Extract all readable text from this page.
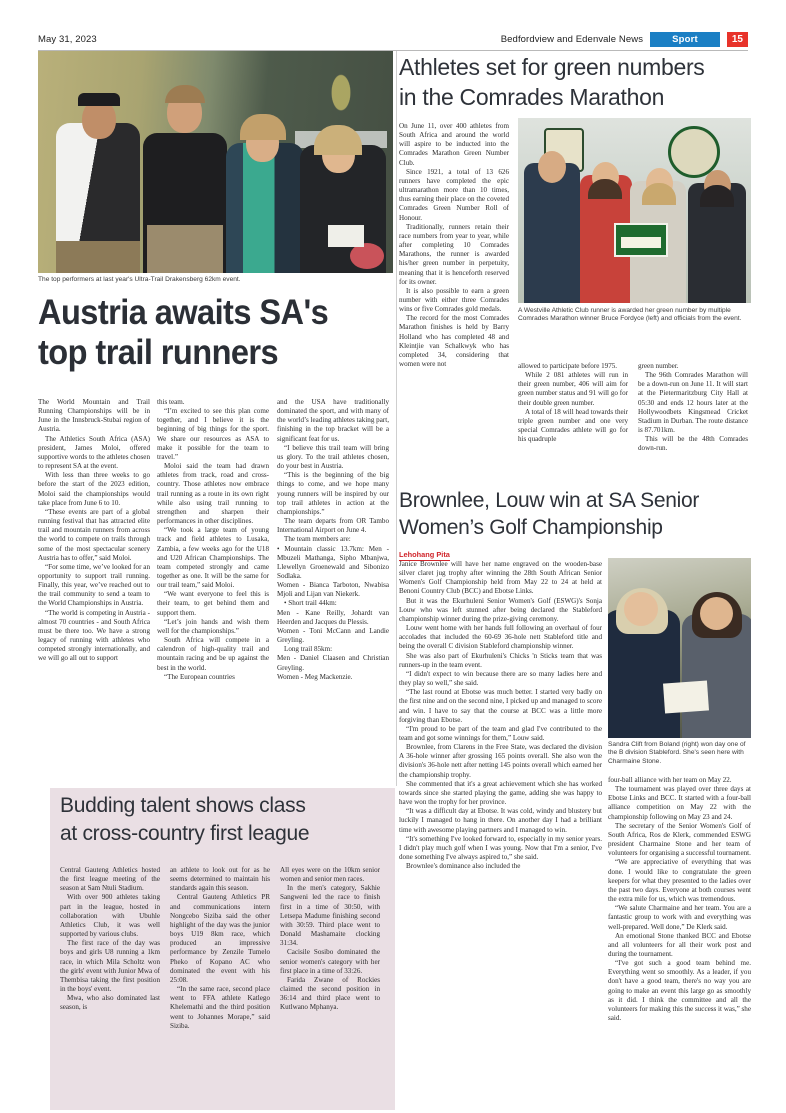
May 31, 2023	Bedfordview and Edenvale News	Sport	15
The top performers at last year's Ultra-Trail Drakensberg 62km event.
Austria awaits SA's
top trail runners

The World Mountain and Trail Running Championships will be in June in the Innsbruck-Stubai region of Austria.

The Athletics South Africa (ASA) president, James Moloi, offered supportive words to the athletes chosen to represent SA at the event.

With less than three weeks to go before the start of the 2023 edition, Moloi said the championships would take place from June 6 to 10.

“These events are part of a global running festival that has attracted elite trail and mountain runners from across the world to compete on trails through some of the most spectacular scenery Austria has to offer,” said Moloi.

“For some time, we’ve looked for an opportunity to support trail running. Finally, this year, we’ve reached out to the trail community to send a team to the World Championships in Austria.

“The world is competing in Austria - almost 70 countries - and South Africa must be there too. We have a strong legacy of running with athletes who competed strongly internationally, and we will go all out to support

this team.

“I’m excited to see this plan come together, and I believe it is the beginning of big things for the sport. We share our resources as ASA to make it possible for the team to travel.”

Moloi said the team had drawn athletes from track, road and cross-country. Those athletes now embrace trail running as a route in its own right while also using trail running to strengthen and sharpen their performances in other disciplines.

“We took a large team of young track and field athletes to Lusaka, Zambia, a few weeks ago for the U18 and U20 African Championships. The team competed strongly and came together as one. It will be the same for our trail team,” said Moloi.

“We want everyone to feel this is their team, to get behind them and support them.

“Let’s join hands and wish them well for the championships.”

South Africa will compete in a calendron of high-quality trail and mountain racing and be up against the best in the world.

“The European countries

and the USA have traditionally dominated the sport, and with many of the world’s leading athletes taking part, finishing in the top bracket will be a significant feat for us.

“I believe this trail team will bring us glory. To the trail athletes chosen, do your best in Austria.

“This is the beginning of the big things to come, and we hope many young runners will be inspired by our top trail athletes in action at the championships.”

The team departs from OR Tambo International Airport on June 4.

The team members are:

• Mountain classic 13.7km: Men - Mbuzeli Mathanga, Sipho Mbanjwa, Llewellyn Groenewald and Sibonizo Sodlaka.

Women - Bianca Tarboton, Nwabisa Mjoli and Lijan van Niekerk.

• Short trail 44km:

Men - Kane Reilly, Johardt van Heerden and Jacques du Plessis.

Women - Toni McCann and Landie Greyling.

Long trail 85km:

Men - Daniel Claasen and Christian Greyling.

Women - Meg Mackenzie.

Athletes set for green numbers
in the Comrades Marathon
A Westville Athletic Club runner is awarded her green number by multiple Comrades Marathon winner Bruce Fordyce (left) and officials from the event.

On June 11, over 400 athletes from South Africa and around the world will aspire to be inducted into the Comrades Marathon Green Number Club.

Since 1921, a total of 13 626 runners have completed the epic ultramarathon more than 10 times, thus earning their place on the coveted Comrades Green Number Roll of Honour.

Traditionally, runners retain their race numbers from year to year, while after completing 10 Comrades Marathons, the runner is awarded his/her green number in perpetuity, meaning that it is henceforth reserved for its owner.

It is also possible to earn a green number with either three Comrades wins or five Comrades gold medals.

The record for the most Comrades Marathon finishes is held by Barry Holland who has completed 48 and Kleintjie van Schalkwyk who has completed 34, considering that women were not	allowed to participate before 1975.

While 2 081 athletes will run in their green number, 406 will aim for green number status and 91 will go for their double green number.

A total of 18 will head towards their triple green number and one very special Comrades athlete will go for his quadruple

green number.

The 96th Comrades Marathon will be a down-run on June 11. It will start at the Pietermaritzburg City Hall at 05:30 and ends 12 hours later at the Hollywoodbets Kingsmead Cricket Stadium in Durban. The route distance is 87.701km.

This will be the 48th Comrades down-run.

Brownlee, Louw win at SA Senior
Women’s Golf Championship
Lehohang Pita
Sandra Clift from Boland (right) won day one of the B division Stableford. She's seen here with Charmaine Stone.

Janice Brownlee will have her name engraved on the wooden-base silver claret jug trophy after winning the 28th South African Senior Women's Golf Championship held from May 22 to 24 at held at Benoni Country Club (BCC) and Ebotse Links.

But it was the Ekurhuleni Senior Women's Golf (ESWG)'s Sonja Louw who was left stunned after being declared the Stableford championship winner during the prize-giving ceremony.

Louw went home with her hands full following an overhaul of four accolades that included the 60-69 36-hole nett Stableford title and being the overall C division Stableford championship winner.

She was also part of Ekurhuleni's Chicks 'n Sticks team that was runners-up in the team event.

“I didn't expect to win because there are so many ladies here and they play so well,” she said.

“The last round at Ebotse was much better. I started very badly on the first nine and on the second nine, I picked up and managed to score and win. I have to say that the course at BCC was a little more forgiving than Ebotse.

“I'm proud to be part of the team and glad I've contributed to the team and got some winnings for them,” Louw said.

Brownlee, from Clarens in the Free State, was declared the division A 36-hole winner after grossing 165 points overall. She also won the division's 36-hole nett after netting 145 points overall which earned her the championship trophy.

She commented that it's a great achievement which she has worked towards since she started playing the game, adding she was happy to have won the trophy for her province.

“It was a difficult day at Ebotse. It was cold, windy and blustery but luckily I managed to hang in there. On another day I had a brilliant time with awesome playing partners and I managed to win.

“It's something I've looked forward to, especially in my senior years. I didn't play much golf when I was young. Now that I'm a senior, I've done something I've always aspired to,” she said.

Brownlee's dominance also included the

four-ball alliance with her team on May 22.

The tournament was played over three days at Ebotse Links and BCC. It started with a four-ball alliance competition on May 22 with the championship following on May 23 and 24.

The secretary of the Senior Women's Golf of South Africa, Ros de Klerk, commended ESWG president Charmaine Stone and her team of volunteers for organising a successful tournament.

“We are appreciative of everything that was done. I would like to congratulate the green keepers for what they presented to the ladies over the past two days. Everyone at both courses went the extra mile for us, which was tremendous.

“We salute Charmaine and her team. You are a fantastic group to work with and everything was well-prepared. Well done,” De Klerk said.

An emotional Stone thanked BCC and Ebotse and all volunteers for all their work post and during the tournament.

“I've got such a good team behind me. Everything went so smoothly. As a leader, if you don't have a good team, there's no way you are going to make an event this large go as smoothly as it did. I think the committee and all the volunteers for making this the success it was,” she said.

Budding talent shows class
at cross-country first league

Central Gauteng Athletics hosted the first league meeting of the season at Sam Ntuli Stadium.

With over 900 athletes taking part in the league, hosted in collaboration with Ubuhle Athletics Club, it was well supported by various clubs.

The first race of the day was boys and girls U8 running a 1km race, in which Mila Scholtz won the girls' event with Junior Mwa of Thembisa taking the first position in the boys' event.

Mwa, who also dominated last season, is

an athlete to look out for as he seems determined to maintain his standards again this season.

Central Gauteng Athletics PR and communications intern Nongcebo Siziba said the other highlight of the day was the junior boys U19 8km race, which produced an impressive performance by Zenzile Tumelo Pheko of Kopano AC who dominated the event with his 25:08.

“In the same race, second place went to FFA athlete Katlego Khelemathi and the third position went to Johannes Morape,” said Siziba.

All eyes were on the 10km senior women and senior men races.

In the men's category, Sakhie Sangweni led the race to finish first in a time of 30:50, with Letsepa Madume finishing second with 30:59. Third place went to Donald Mashamaite clocking 31:34.

Cacisile Sosibo dominated the senior women's category with her first place in a time of 33:26.

Farida Zwane of Rockies claimed the second position in 36:14 and third place went to Kutlwano Mphanya.
